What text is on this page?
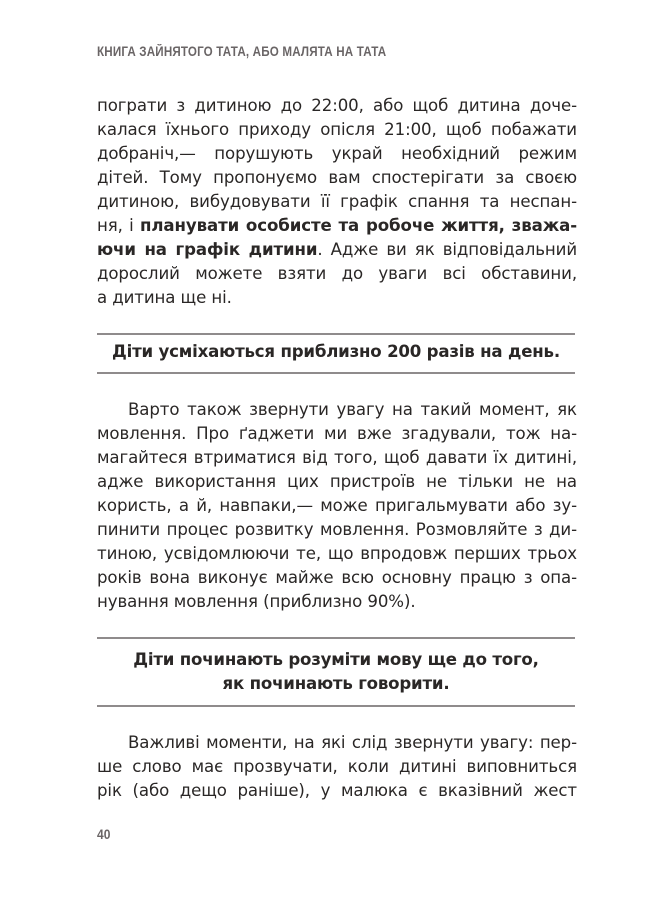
КНИГА ЗАЙНЯТОГО ТАТА, АБО МАЛЯТА НА ТАТА
пограти з дитиною до 22:00, або щоб дитина доче-
калася їхнього приходу опісля 21:00, щоб побажати
добраніч,— порушують украй необхідний режим
дітей. Тому пропонуємо вам спостерігати за своєю
дитиною, вибудовувати її графік спання та неспан-
ня, і планувати особисте та робоче життя, зважа-
ючи на графік дитини. Адже ви як відповідальний
дорослий можете взяти до уваги всі обставини,
а дитина ще ні.
Діти усміхаються приблизно 200 разів на день.
Варто також звернути увагу на такий момент, як
мовлення. Про ґаджети ми вже згадували, тож на-
магайтеся втриматися від того, щоб давати їх дитині,
адже використання цих пристроїв не тільки не на
користь, а й, навпаки,— може пригальмувати або зу-
пинити процес розвитку мовлення. Розмовляйте з ди-
тиною, усвідомлюючи те, що впродовж перших трьох
років вона виконує майже всю основну працю з опа-
нування мовлення (приблизно 90%).
Діти починають розуміти мову ще до того,
як починають говорити.
Важливі моменти, на які слід звернути увагу: пер-
ше слово має прозвучати, коли дитині виповниться
рік (або дещо раніше), у малюка є вказівний жест
40
